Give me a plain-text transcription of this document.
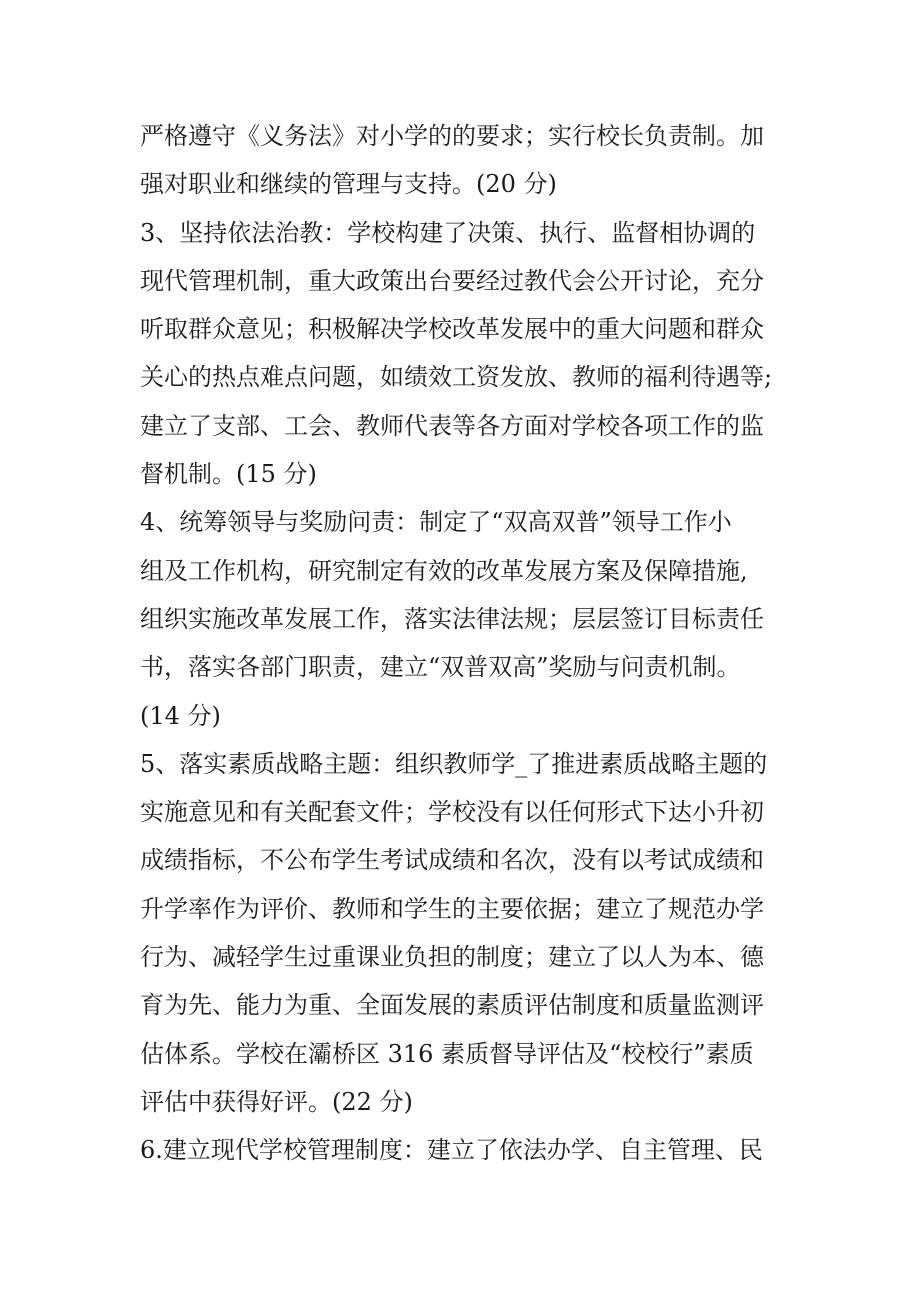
严格遵守《义务法》对小学的的要求；实行校长负责制。加
强对职业和继续的管理与支持。(20 分)
3、坚持依法治教：学校构建了决策、执行、监督相协调的
现代管理机制，重大政策出台要经过教代会公开讨论，充分
听取群众意见；积极解决学校改革发展中的重大问题和群众
关心的热点难点问题，如绩效工资发放、教师的福利待遇等;
建立了支部、工会、教师代表等各方面对学校各项工作的监
督机制。(15 分)
4、统筹领导与奖励问责：制定了“双高双普”领导工作小
组及工作机构，研究制定有效的改革发展方案及保障措施,
组织实施改革发展工作，落实法律法规；层层签订目标责任
书，落实各部门职责，建立“双普双高”奖励与问责机制。
(14 分)
5、落实素质战略主题：组织教师学_了推进素质战略主题的
实施意见和有关配套文件；学校没有以任何形式下达小升初
成绩指标，不公布学生考试成绩和名次，没有以考试成绩和
升学率作为评价、教师和学生的主要依据；建立了规范办学
行为、减轻学生过重课业负担的制度；建立了以人为本、德
育为先、能力为重、全面发展的素质评估制度和质量监测评
估体系。学校在灞桥区 316 素质督导评估及“校校行”素质
评估中获得好评。(22 分)
6.建立现代学校管理制度：建立了依法办学、自主管理、民
